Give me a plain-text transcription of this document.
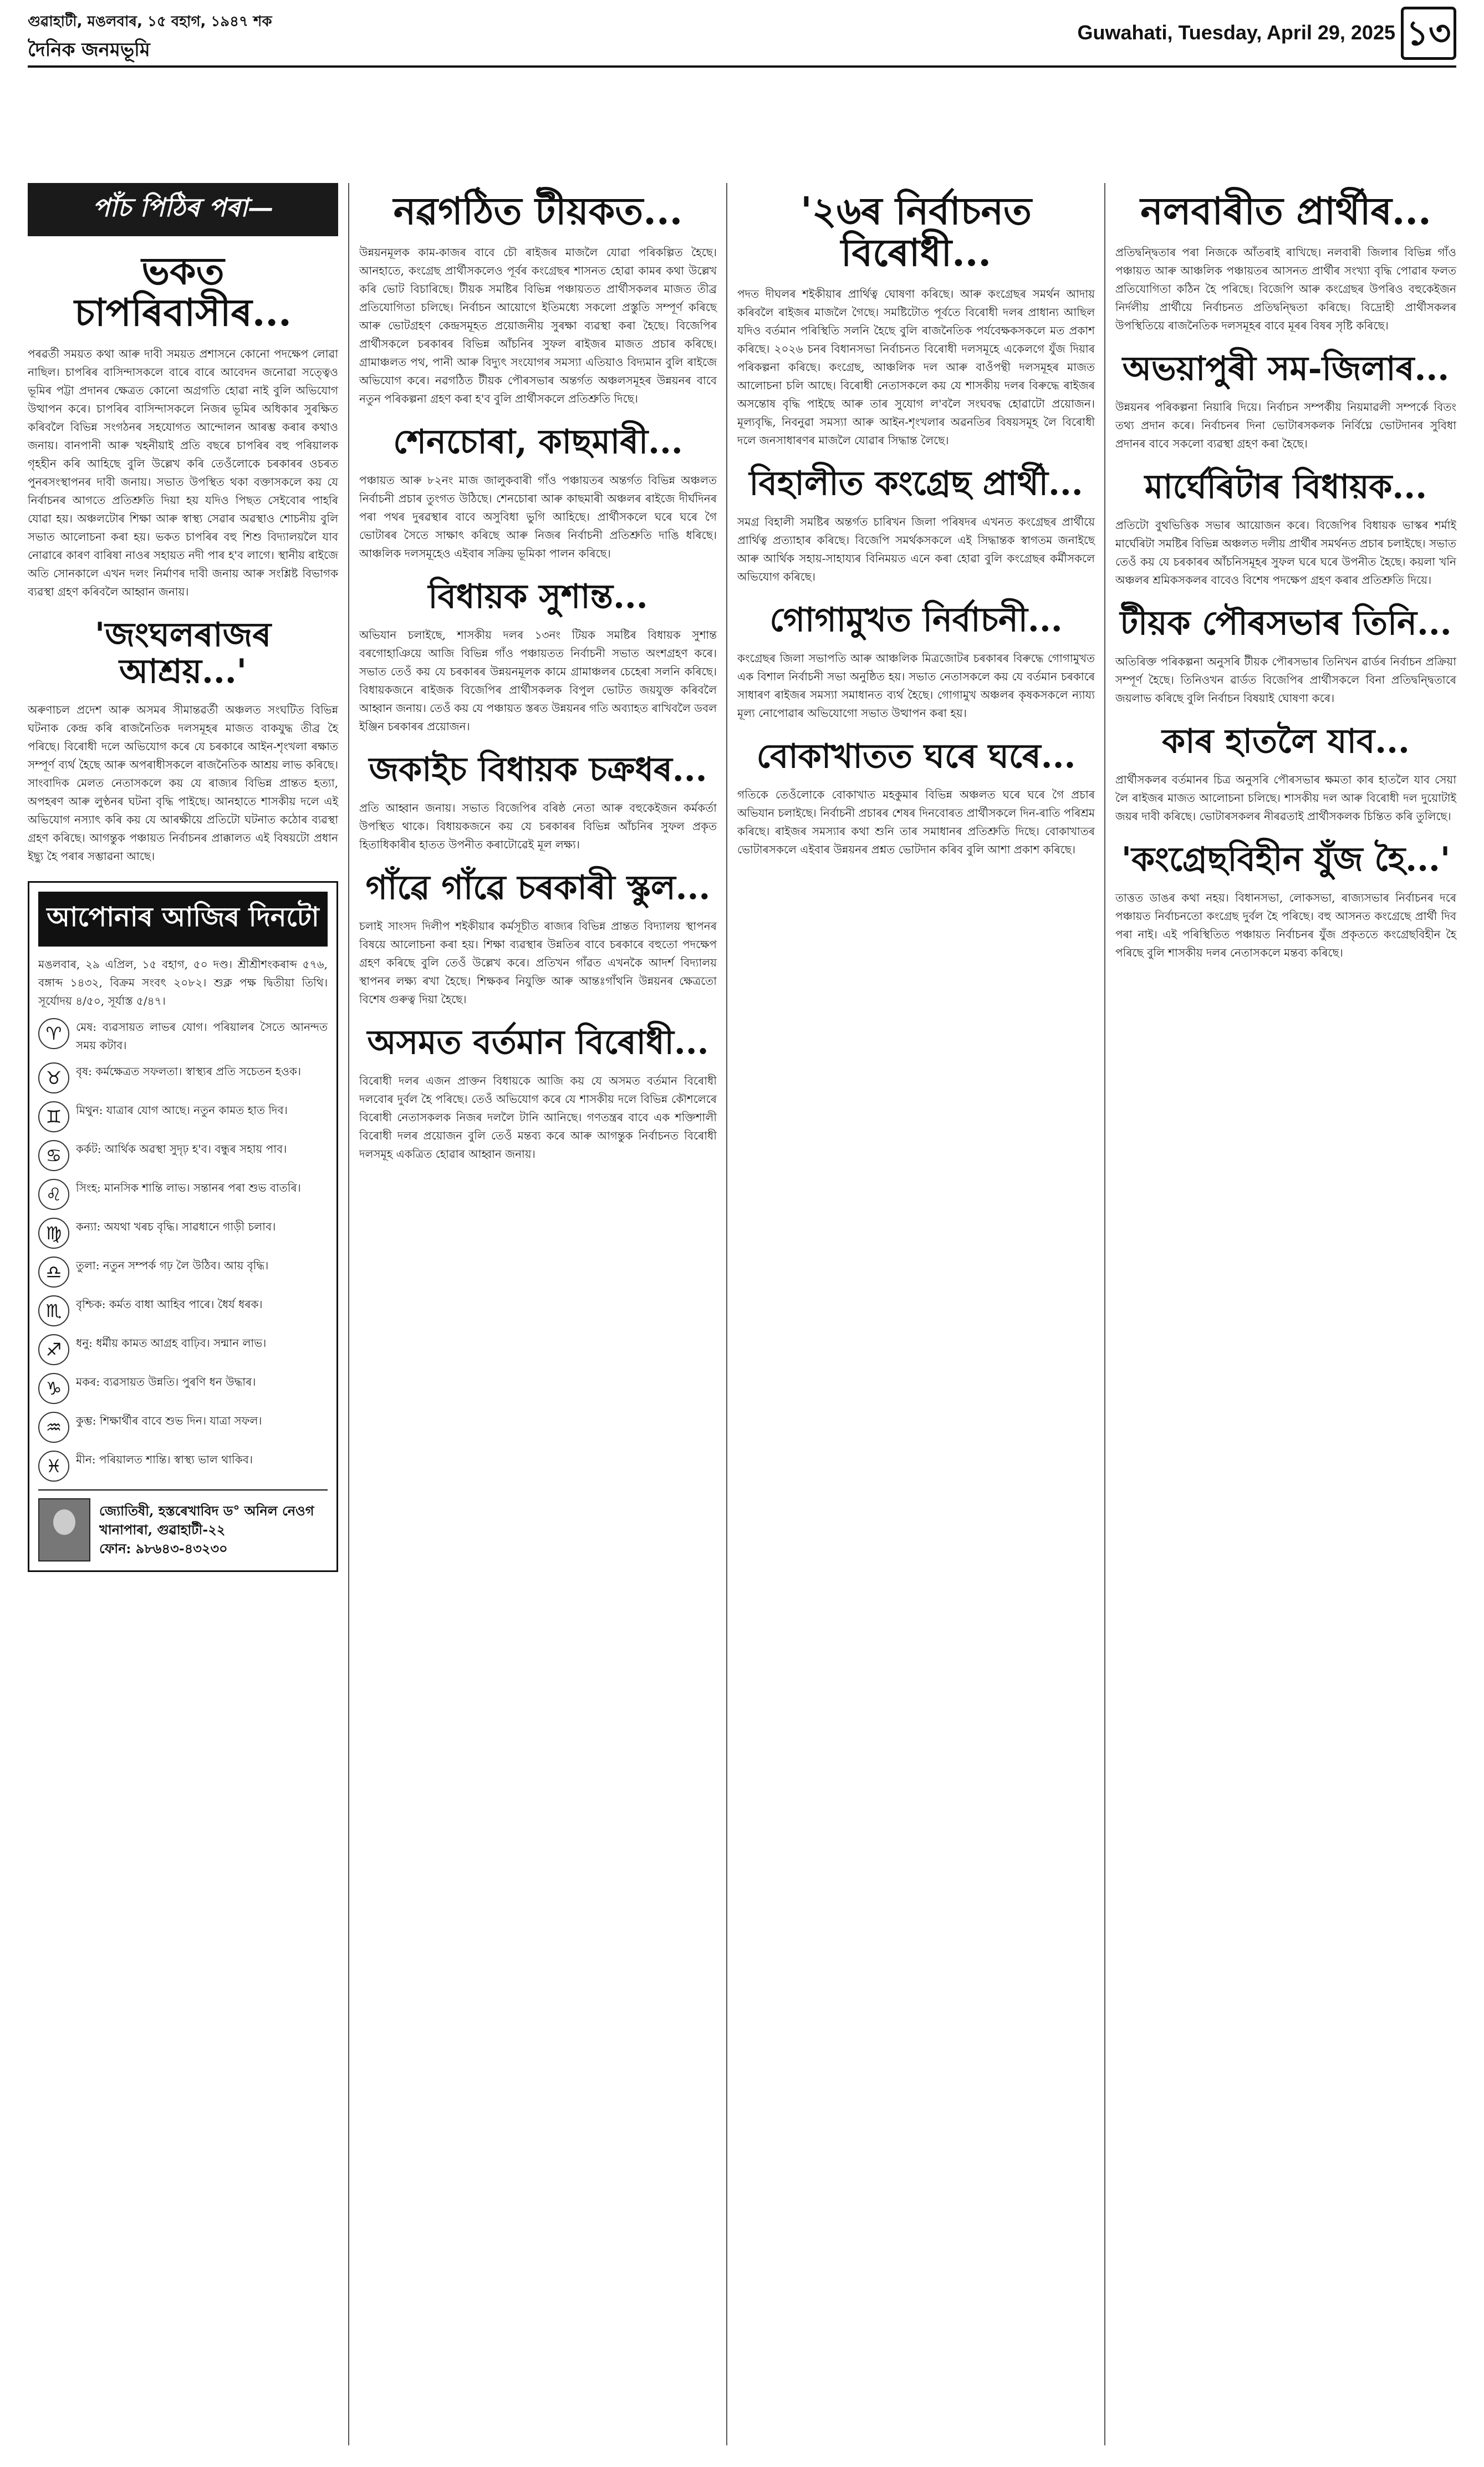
গুৱাহাটী, মঙলবাৰ, ১৫ বহাগ, ১৯৪৭ শক
দৈনিক জনমভূমি
Guwahati, Tuesday, April 29, 2025 ১৩
পাঁচ পিঠিৰ পৰা—
ভকত চাপৰিবাসীৰ...
পৰৱৰ্তী সময়ত কথা আৰু দাবী সময়ত প্ৰশাসনে কোনো পদক্ষেপ লোৱা নাছিল। চাপৰিৰ বাসিন্দাসকলে বাৰে বাৰে আবেদন জনোৱা সত্ত্বেও ভূমিৰ পট্টা প্ৰদানৰ ক্ষেত্ৰত কোনো অগ্ৰগতি হোৱা নাই বুলি অভিযোগ উত্থাপন কৰে। চাপৰিৰ বাসিন্দাসকলে নিজৰ ভূমিৰ অধিকাৰ সুৰক্ষিত কৰিবলৈ বিভিন্ন সংগঠনৰ সহযোগত আন্দোলন আৰম্ভ কৰাৰ কথাও জনায়। বানপানী আৰু খহনীয়াই প্ৰতি বছৰে চাপৰিৰ বহু পৰিয়ালক গৃহহীন কৰি আহিছে বুলি উল্লেখ কৰি তেওঁলোকে চৰকাৰৰ ওচৰত পুনৰসংস্থাপনৰ দাবী জনায়। সভাত উপস্থিত থকা বক্তাসকলে কয় যে নিৰ্বাচনৰ আগতে প্ৰতিশ্ৰুতি দিয়া হয় যদিও পিছত সেইবোৰ পাহৰি যোৱা হয়। অঞ্চলটোৰ শিক্ষা আৰু স্বাস্থ্য সেৱাৰ অৱস্থাও শোচনীয় বুলি সভাত আলোচনা কৰা হয়। ভকত চাপৰিৰ বহু শিশু বিদ্যালয়লৈ যাব নোৱাৰে কাৰণ বাৰিষা নাওৰ সহায়ত নদী পাৰ হ'ব লাগে। স্থানীয় ৰাইজে অতি সোনকালে এখন দলং নিৰ্মাণৰ দাবী জনায় আৰু সংশ্লিষ্ট বিভাগক ব্যৱস্থা গ্ৰহণ কৰিবলৈ আহ্বান জনায়।
'জংঘলৰাজৰ আশ্ৰয়...'
অৰুণাচল প্ৰদেশ আৰু অসমৰ সীমান্তৱৰ্তী অঞ্চলত সংঘটিত বিভিন্ন ঘটনাক কেন্দ্ৰ কৰি ৰাজনৈতিক দলসমূহৰ মাজত বাকযুদ্ধ তীব্ৰ হৈ পৰিছে। বিৰোধী দলে অভিযোগ কৰে যে চৰকাৰে আইন-শৃংখলা ৰক্ষাত সম্পূৰ্ণ ব্যৰ্থ হৈছে আৰু অপৰাধীসকলে ৰাজনৈতিক আশ্ৰয় লাভ কৰিছে। সাংবাদিক মেলত নেতাসকলে কয় যে ৰাজ্যৰ বিভিন্ন প্ৰান্তত হত্যা, অপহৰণ আৰু লুণ্ঠনৰ ঘটনা বৃদ্ধি পাইছে। আনহাতে শাসকীয় দলে এই অভিযোগ নস্যাৎ কৰি কয় যে আৰক্ষীয়ে প্ৰতিটো ঘটনাত কঠোৰ ব্যৱস্থা গ্ৰহণ কৰিছে। আগন্তুক পঞ্চায়ত নিৰ্বাচনৰ প্ৰাক্কালত এই বিষয়টো প্ৰধান ইছ্যু হৈ পৰাৰ সম্ভাৱনা আছে।
আপোনাৰ আজিৰ দিনটো
মঙলবাৰ, ২৯ এপ্ৰিল, ১৫ বহাগ, ৫০ দণ্ড। শ্ৰীশ্ৰীশংকৰাব্দ ৫৭৬, বঙ্গাব্দ ১৪৩২, বিক্ৰম সংবৎ ২০৮২। শুক্ল পক্ষ দ্বিতীয়া তিথি। সূৰ্যোদয় ৪/৫০, সূৰ্যাস্ত ৫/৪৭।
♈	মেষ: ব্যৱসায়ত লাভৰ যোগ। পৰিয়ালৰ সৈতে আনন্দত সময় কটাব।
♉	বৃষ: কৰ্মক্ষেত্ৰত সফলতা। স্বাস্থ্যৰ প্ৰতি সচেতন হওক।
♊	মিথুন: যাত্ৰাৰ যোগ আছে। নতুন কামত হাত দিব।
♋	কৰ্কট: আৰ্থিক অৱস্থা সুদৃঢ় হ'ব। বন্ধুৰ সহায় পাব।
♌	সিংহ: মানসিক শান্তি লাভ। সন্তানৰ পৰা শুভ বাতৰি।
♍	কন্যা: অযথা খৰচ বৃদ্ধি। সাৱধানে গাড়ী চলাব।
♎	তুলা: নতুন সম্পৰ্ক গঢ় লৈ উঠিব। আয় বৃদ্ধি।
♏	বৃশ্চিক: কৰ্মত বাধা আহিব পাৰে। ধৈৰ্য ধৰক।
♐	ধনু: ধৰ্মীয় কামত আগ্ৰহ বাঢ়িব। সন্মান লাভ।
♑	মকৰ: ব্যৱসায়ত উন্নতি। পুৰণি ধন উদ্ধাৰ।
♒	কুম্ভ: শিক্ষাৰ্থীৰ বাবে শুভ দিন। যাত্ৰা সফল।
♓	মীন: পৰিয়ালত শান্তি। স্বাস্থ্য ভাল থাকিব।
জ্যোতিষী, হস্তৰেখাবিদ ড° অনিল নেওগ
খানাপাৰা, গুৱাহাটী-২২
ফোন: ৯৮৬৪৩-৪৩২৩০
নৱগঠিত টীয়কত...
উন্নয়নমূলক কাম-কাজৰ বাবে চৌ ৰাইজৰ মাজলৈ যোৱা পৰিকল্পিত হৈছে। আনহাতে, কংগ্ৰেছ প্ৰাৰ্থীসকলেও পূৰ্বৰ কংগ্ৰেছৰ শাসনত হোৱা কামৰ কথা উল্লেখ কৰি ভোট বিচাৰিছে। টীয়ক সমষ্টিৰ বিভিন্ন পঞ্চায়তত প্ৰাৰ্থীসকলৰ মাজত তীব্ৰ প্ৰতিযোগিতা চলিছে। নিৰ্বাচন আয়োগে ইতিমধ্যে সকলো প্ৰস্তুতি সম্পূৰ্ণ কৰিছে আৰু ভোটগ্ৰহণ কেন্দ্ৰসমূহত প্ৰয়োজনীয় সুৰক্ষা ব্যৱস্থা কৰা হৈছে। বিজেপিৰ প্ৰাৰ্থীসকলে চৰকাৰৰ বিভিন্ন আঁচনিৰ সুফল ৰাইজৰ মাজত প্ৰচাৰ কৰিছে। গ্ৰামাঞ্চলত পথ, পানী আৰু বিদ্যুৎ সংযোগৰ সমস্যা এতিয়াও বিদ্যমান বুলি ৰাইজে অভিযোগ কৰে। নৱগঠিত টীয়ক পৌৰসভাৰ অন্তৰ্গত অঞ্চলসমূহৰ উন্নয়নৰ বাবে নতুন পৰিকল্পনা গ্ৰহণ কৰা হ'ব বুলি প্ৰাৰ্থীসকলে প্ৰতিশ্ৰুতি দিছে।
শেনচোৰা, কাছমাৰী...
পঞ্চায়ত আৰু ৮২নং মাজ জালুকবাৰী গাঁও পঞ্চায়তৰ অন্তৰ্গত বিভিন্ন অঞ্চলত নিৰ্বাচনী প্ৰচাৰ তুংগত উঠিছে। শেনচোৰা আৰু কাছমাৰী অঞ্চলৰ ৰাইজে দীৰ্ঘদিনৰ পৰা পথৰ দুৰৱস্থাৰ বাবে অসুবিধা ভুগি আহিছে। প্ৰাৰ্থীসকলে ঘৰে ঘৰে গৈ ভোটাৰৰ সৈতে সাক্ষাৎ কৰিছে আৰু নিজৰ নিৰ্বাচনী প্ৰতিশ্ৰুতি দাঙি ধৰিছে। আঞ্চলিক দলসমূহেও এইবাৰ সক্ৰিয় ভূমিকা পালন কৰিছে।
বিধায়ক সুশান্ত...
অভিযান চলাইছে, শাসকীয় দলৰ ১৩নং টিয়ক সমষ্টিৰ বিধায়ক সুশান্ত বৰগোহাঞিয়ে আজি বিভিন্ন গাঁও পঞ্চায়তত নিৰ্বাচনী সভাত অংশগ্ৰহণ কৰে। সভাত তেওঁ কয় যে চৰকাৰৰ উন্নয়নমূলক কামে গ্ৰামাঞ্চলৰ চেহেৰা সলনি কৰিছে। বিধায়কজনে ৰাইজক বিজেপিৰ প্ৰাৰ্থীসকলক বিপুল ভোটত জয়যুক্ত কৰিবলৈ আহ্বান জনায়। তেওঁ কয় যে পঞ্চায়ত স্তৰত উন্নয়নৰ গতি অব্যাহত ৰাখিবলৈ ডবল ইঞ্জিন চৰকাৰৰ প্ৰয়োজন।
জকাইচ বিধায়ক চক্ৰধৰ...
প্ৰতি আহ্বান জনায়। সভাত বিজেপিৰ বৰিষ্ঠ নেতা আৰু বহুকেইজন কৰ্মকৰ্তা উপস্থিত থাকে। বিধায়কজনে কয় যে চৰকাৰৰ বিভিন্ন আঁচনিৰ সুফল প্ৰকৃত হিতাধিকাৰীৰ হাতত উপনীত কৰাটোৱেই মূল লক্ষ্য।
গাঁৱে গাঁৱে চৰকাৰী স্কুল...
চলাই সাংসদ দিলীপ শইকীয়াৰ কৰ্মসূচীত ৰাজ্যৰ বিভিন্ন প্ৰান্তত বিদ্যালয় স্থাপনৰ বিষয়ে আলোচনা কৰা হয়। শিক্ষা ব্যৱস্থাৰ উন্নতিৰ বাবে চৰকাৰে বহুতো পদক্ষেপ গ্ৰহণ কৰিছে বুলি তেওঁ উল্লেখ কৰে। প্ৰতিখন গাঁৱত এখনকৈ আদৰ্শ বিদ্যালয় স্থাপনৰ লক্ষ্য ৰখা হৈছে। শিক্ষকৰ নিযুক্তি আৰু আন্তঃগাঁথনি উন্নয়নৰ ক্ষেত্ৰতো বিশেষ গুৰুত্ব দিয়া হৈছে।
অসমত বৰ্তমান বিৰোধী...
বিৰোধী দলৰ এজন প্ৰাক্তন বিধায়কে আজি কয় যে অসমত বৰ্তমান বিৰোধী দলবোৰ দুৰ্বল হৈ পৰিছে। তেওঁ অভিযোগ কৰে যে শাসকীয় দলে বিভিন্ন কৌশলেৰে বিৰোধী নেতাসকলক নিজৰ দললৈ টানি আনিছে। গণতন্ত্ৰৰ বাবে এক শক্তিশালী বিৰোধী দলৰ প্ৰয়োজন বুলি তেওঁ মন্তব্য কৰে আৰু আগন্তুক নিৰ্বাচনত বিৰোধী দলসমূহ একত্ৰিত হোৱাৰ আহ্বান জনায়।
'২৬ৰ নিৰ্বাচনত বিৰোধী...
পদত দীঘলৰ শইকীয়াৰ প্ৰাৰ্থিত্ব ঘোষণা কৰিছে। আৰু কংগ্ৰেছৰ সমৰ্থন আদায় কৰিবলৈ ৰাইজৰ মাজলৈ গৈছে। সমষ্টিটোত পূৰ্বতে বিৰোধী দলৰ প্ৰাধান্য আছিল যদিও বৰ্তমান পৰিস্থিতি সলনি হৈছে বুলি ৰাজনৈতিক পৰ্যবেক্ষকসকলে মত প্ৰকাশ কৰিছে। ২০২৬ চনৰ বিধানসভা নিৰ্বাচনত বিৰোধী দলসমূহে একেলগে যুঁজ দিয়াৰ পৰিকল্পনা কৰিছে। কংগ্ৰেছ, আঞ্চলিক দল আৰু বাওঁপন্থী দলসমূহৰ মাজত আলোচনা চলি আছে। বিৰোধী নেতাসকলে কয় যে শাসকীয় দলৰ বিৰুদ্ধে ৰাইজৰ অসন্তোষ বৃদ্ধি পাইছে আৰু তাৰ সুযোগ ল'বলৈ সংঘবদ্ধ হোৱাটো প্ৰয়োজন। মূল্যবৃদ্ধি, নিবনুৱা সমস্যা আৰু আইন-শৃংখলাৰ অৱনতিৰ বিষয়সমূহ লৈ বিৰোধী দলে জনসাধাৰণৰ মাজলৈ যোৱাৰ সিদ্ধান্ত লৈছে।
বিহালীত কংগ্ৰেছ প্ৰাৰ্থী...
সমগ্ৰ বিহালী সমষ্টিৰ অন্তৰ্গত চাৰিখন জিলা পৰিষদৰ এখনত কংগ্ৰেছৰ প্ৰাৰ্থীয়ে প্ৰাৰ্থিত্ব প্ৰত্যাহাৰ কৰিছে। বিজেপি সমৰ্থকসকলে এই সিদ্ধান্তক স্বাগতম জনাইছে আৰু আৰ্থিক সহায়-সাহায্যৰ বিনিময়ত এনে কৰা হোৱা বুলি কংগ্ৰেছৰ কৰ্মীসকলে অভিযোগ কৰিছে।
গোগামুখত নিৰ্বাচনী...
কংগ্ৰেছৰ জিলা সভাপতি আৰু আঞ্চলিক মিত্ৰজোটৰ চৰকাৰৰ বিৰুদ্ধে গোগামুখত এক বিশাল নিৰ্বাচনী সভা অনুষ্ঠিত হয়। সভাত নেতাসকলে কয় যে বৰ্তমান চৰকাৰে সাধাৰণ ৰাইজৰ সমস্যা সমাধানত ব্যৰ্থ হৈছে। গোগামুখ অঞ্চলৰ কৃষকসকলে ন্যায্য মূল্য নোপোৱাৰ অভিযোগো সভাত উত্থাপন কৰা হয়।
বোকাখাতত ঘৰে ঘৰে...
গতিকে তেওঁলোকে বোকাখাত মহকুমাৰ বিভিন্ন অঞ্চলত ঘৰে ঘৰে গৈ প্ৰচাৰ অভিযান চলাইছে। নিৰ্বাচনী প্ৰচাৰৰ শেষৰ দিনবোৰত প্ৰাৰ্থীসকলে দিন-ৰাতি পৰিশ্ৰম কৰিছে। ৰাইজৰ সমস্যাৰ কথা শুনি তাৰ সমাধানৰ প্ৰতিশ্ৰুতি দিছে। বোকাখাতৰ ভোটাৰসকলে এইবাৰ উন্নয়নৰ প্ৰশ্নত ভোটদান কৰিব বুলি আশা প্ৰকাশ কৰিছে।
নলবাৰীত প্ৰাৰ্থীৰ...
প্ৰতিদ্বন্দ্বিতাৰ পৰা নিজকে আঁতৰাই ৰাখিছে। নলবাৰী জিলাৰ বিভিন্ন গাঁও পঞ্চায়ত আৰু আঞ্চলিক পঞ্চায়তৰ আসনত প্ৰাৰ্থীৰ সংখ্যা বৃদ্ধি পোৱাৰ ফলত প্ৰতিযোগিতা কঠিন হৈ পৰিছে। বিজেপি আৰু কংগ্ৰেছৰ উপৰিও বহুকেইজন নিৰ্দলীয় প্ৰাৰ্থীয়ে নিৰ্বাচনত প্ৰতিদ্বন্দ্বিতা কৰিছে। বিদ্ৰোহী প্ৰাৰ্থীসকলৰ উপস্থিতিয়ে ৰাজনৈতিক দলসমূহৰ বাবে মূৰৰ বিষৰ সৃষ্টি কৰিছে।
অভয়াপুৰী সম-জিলাৰ...
উন্নয়নৰ পৰিকল্পনা নিয়াৰি দিয়ে। নিৰ্বাচন সম্পৰ্কীয় নিয়মাৱলী সম্পৰ্কে বিতং তথ্য প্ৰদান কৰে। নিৰ্বাচনৰ দিনা ভোটাৰসকলক নিৰ্বিঘ্নে ভোটদানৰ সুবিধা প্ৰদানৰ বাবে সকলো ব্যৱস্থা গ্ৰহণ কৰা হৈছে।
মাৰ্ঘেৰিটাৰ বিধায়ক...
প্ৰতিটো বুথভিত্তিক সভাৰ আয়োজন কৰে। বিজেপিৰ বিধায়ক ভাস্কৰ শৰ্মাই মাৰ্ঘেৰিটা সমষ্টিৰ বিভিন্ন অঞ্চলত দলীয় প্ৰাৰ্থীৰ সমৰ্থনত প্ৰচাৰ চলাইছে। সভাত তেওঁ কয় যে চৰকাৰৰ আঁচনিসমূহৰ সুফল ঘৰে ঘৰে উপনীত হৈছে। কয়লা খনি অঞ্চলৰ শ্ৰমিকসকলৰ বাবেও বিশেষ পদক্ষেপ গ্ৰহণ কৰাৰ প্ৰতিশ্ৰুতি দিয়ে।
টীয়ক পৌৰসভাৰ তিনি...
অতিৰিক্ত পৰিকল্পনা অনুসৰি টীয়ক পৌৰসভাৰ তিনিখন ৱাৰ্ডৰ নিৰ্বাচন প্ৰক্ৰিয়া সম্পূৰ্ণ হৈছে। তিনিওখন ৱাৰ্ডত বিজেপিৰ প্ৰাৰ্থীসকলে বিনা প্ৰতিদ্বন্দ্বিতাৰে জয়লাভ কৰিছে বুলি নিৰ্বাচন বিষয়াই ঘোষণা কৰে।
কাৰ হাতলৈ যাব...
প্ৰাৰ্থীসকলৰ বৰ্তমানৰ চিত্ৰ অনুসৰি পৌৰসভাৰ ক্ষমতা কাৰ হাতলৈ যাব সেয়া লৈ ৰাইজৰ মাজত আলোচনা চলিছে। শাসকীয় দল আৰু বিৰোধী দল দুয়োটাই জয়ৰ দাবী কৰিছে। ভোটাৰসকলৰ নীৰৱতাই প্ৰাৰ্থীসকলক চিন্তিত কৰি তুলিছে।
'কংগ্ৰেছবিহীন যুঁজ হৈ...'
তাত্তত ডাঙৰ কথা নহয়। বিধানসভা, লোকসভা, ৰাজ্যসভাৰ নিৰ্বাচনৰ দৰে পঞ্চায়ত নিৰ্বাচনতো কংগ্ৰেছ দুৰ্বল হৈ পৰিছে। বহু আসনত কংগ্ৰেছে প্ৰাৰ্থী দিব পৰা নাই। এই পৰিস্থিতিত পঞ্চায়ত নিৰ্বাচনৰ যুঁজ প্ৰকৃততে কংগ্ৰেছবিহীন হৈ পৰিছে বুলি শাসকীয় দলৰ নেতাসকলে মন্তব্য কৰিছে।
